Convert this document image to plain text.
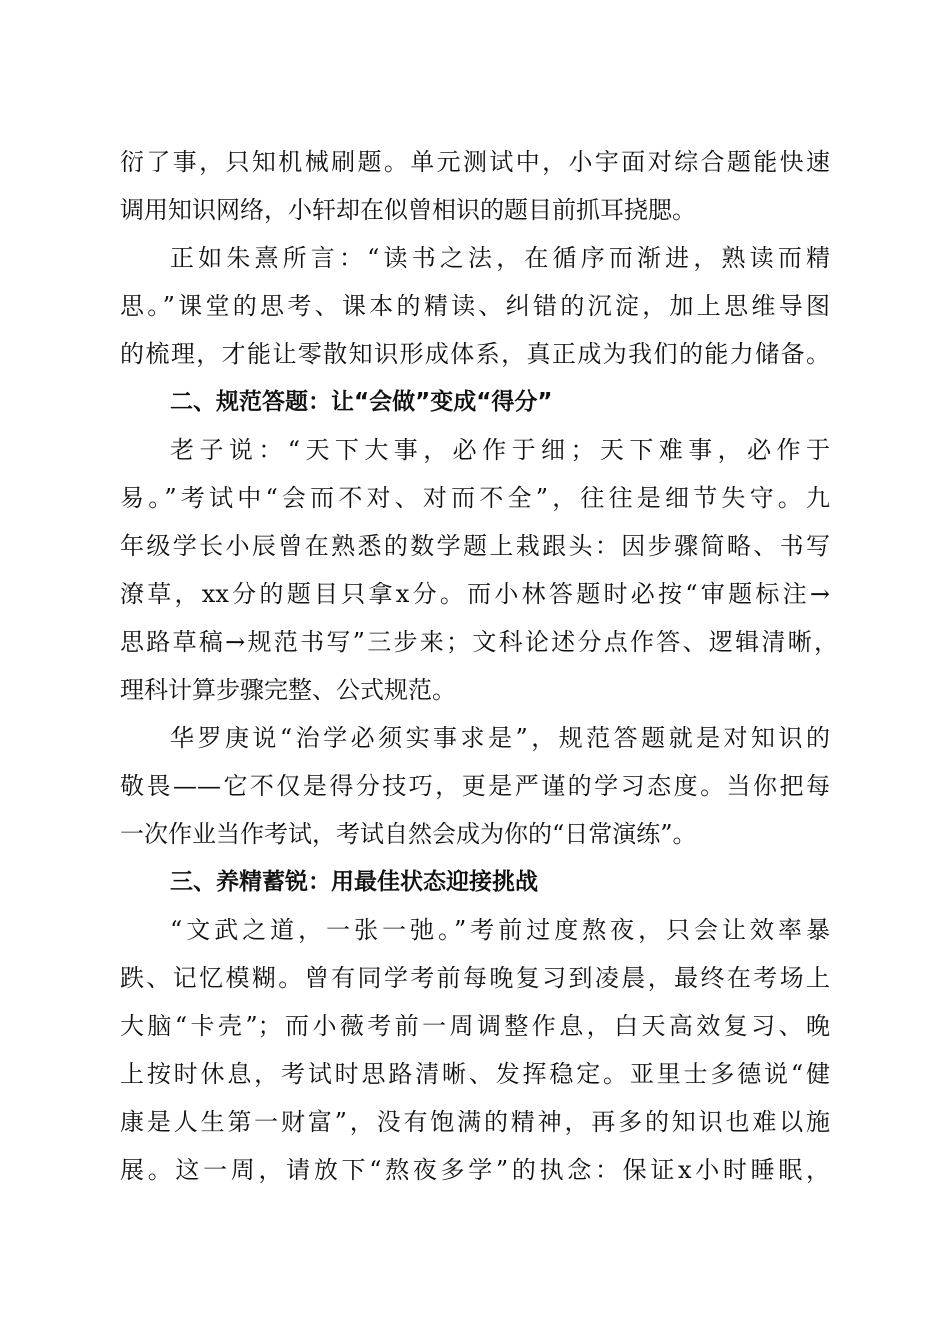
衍了事，只知机械刷题。单元测试中，小宇面对综合题能快速
调用知识网络，小轩却在似曾相识的题目前抓耳挠腮。
正如朱熹所言：“读书之法，在循序而渐进，熟读而精
思。”课堂的思考、课本的精读、纠错的沉淀，加上思维导图
的梳理，才能让零散知识形成体系，真正成为我们的能力储备。
二、规范答题：让“会做”变成“得分”
老子说：“天下大事，必作于细；天下难事，必作于
易。”考试中“会而不对、对而不全”，往往是细节失守。九
年级学长小辰曾在熟悉的数学题上栽跟头：因步骤简略、书写
潦草，xx分的题目只拿x分。而小林答题时必按“审题标注→
思路草稿→规范书写”三步来；文科论述分点作答、逻辑清晰，
理科计算步骤完整、公式规范。
华罗庚说“治学必须实事求是”，规范答题就是对知识的
敬畏——它不仅是得分技巧，更是严谨的学习态度。当你把每
一次作业当作考试，考试自然会成为你的“日常演练”。
三、养精蓄锐：用最佳状态迎接挑战
“文武之道，一张一弛。”考前过度熬夜，只会让效率暴
跌、记忆模糊。曾有同学考前每晚复习到凌晨，最终在考场上
大脑“卡壳”；而小薇考前一周调整作息，白天高效复习、晚
上按时休息，考试时思路清晰、发挥稳定。亚里士多德说“健
康是人生第一财富”，没有饱满的精神，再多的知识也难以施
展。这一周，请放下“熬夜多学”的执念：保证x小时睡眠，
